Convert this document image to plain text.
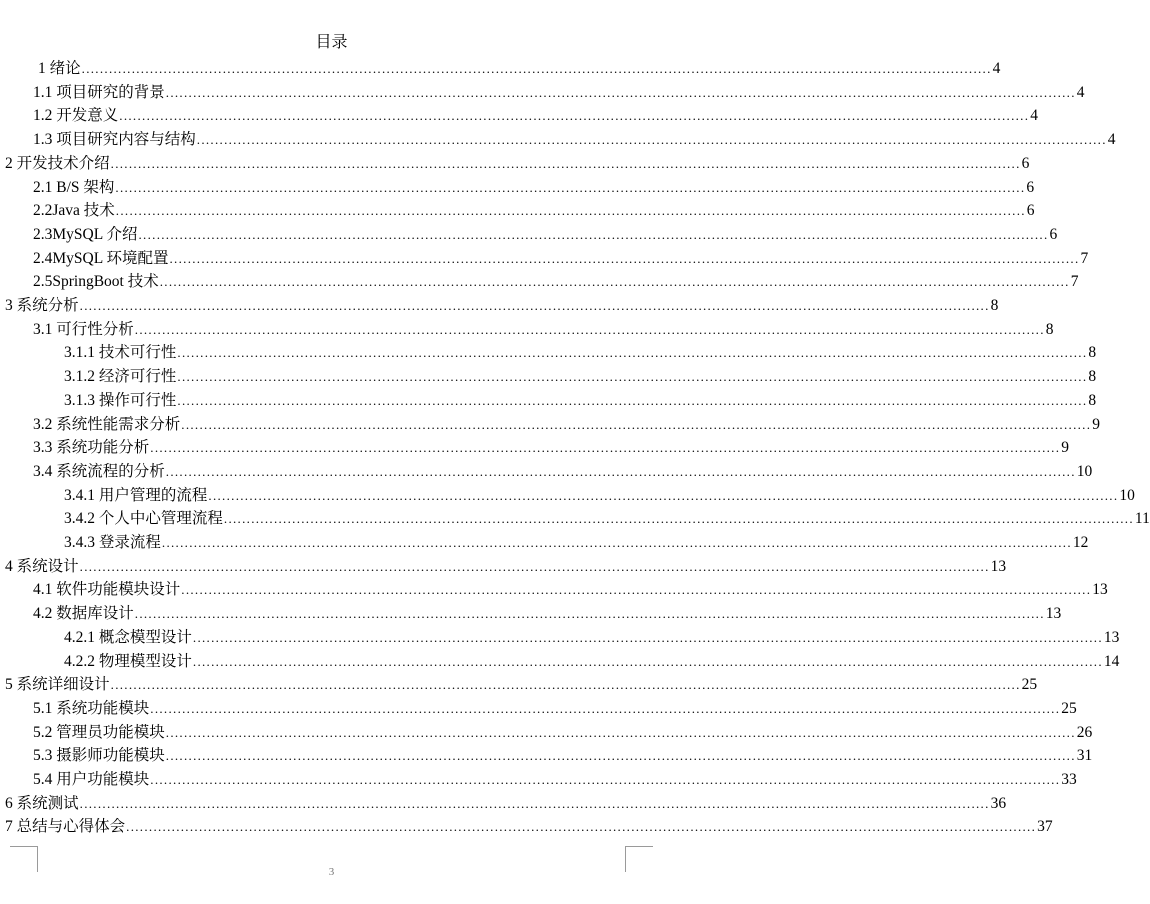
目录
1 绪论 ........................................................................................................................................................................................................ 4
1.1 项目研究的背景 ........................................................................................................................................................................................................ 4
1.2 开发意义 ........................................................................................................................................................................................................ 4
1.3 项目研究内容与结构 ........................................................................................................................................................................................................ 4
2 开发技术介绍 ........................................................................................................................................................................................................ 6
2.1 B/S 架构 ........................................................................................................................................................................................................ 6
2.2Java 技术 ........................................................................................................................................................................................................ 6
2.3MySQL 介绍 ........................................................................................................................................................................................................ 6
2.4MySQL 环境配置 ........................................................................................................................................................................................................ 7
2.5SpringBoot 技术 ........................................................................................................................................................................................................ 7
3 系统分析 ........................................................................................................................................................................................................ 8
3.1 可行性分析 ........................................................................................................................................................................................................ 8
3.1.1 技术可行性 ........................................................................................................................................................................................................ 8
3.1.2 经济可行性 ........................................................................................................................................................................................................ 8
3.1.3 操作可行性 ........................................................................................................................................................................................................ 8
3.2 系统性能需求分析 ........................................................................................................................................................................................................ 9
3.3 系统功能分析 ........................................................................................................................................................................................................ 9
3.4 系统流程的分析 ........................................................................................................................................................................................................ 10
3.4.1 用户管理的流程 ........................................................................................................................................................................................................ 10
3.4.2 个人中心管理流程 ........................................................................................................................................................................................................ 11
3.4.3 登录流程 ........................................................................................................................................................................................................ 12
4 系统设计 ........................................................................................................................................................................................................ 13
4.1 软件功能模块设计 ........................................................................................................................................................................................................ 13
4.2 数据库设计 ........................................................................................................................................................................................................ 13
4.2.1 概念模型设计 ........................................................................................................................................................................................................ 13
4.2.2 物理模型设计 ........................................................................................................................................................................................................ 14
5 系统详细设计 ........................................................................................................................................................................................................ 25
5.1 系统功能模块 ........................................................................................................................................................................................................ 25
5.2 管理员功能模块 ........................................................................................................................................................................................................ 26
5.3 摄影师功能模块 ........................................................................................................................................................................................................ 31
5.4 用户功能模块 ........................................................................................................................................................................................................ 33
6 系统测试 ........................................................................................................................................................................................................ 36
7 总结与心得体会 ........................................................................................................................................................................................................ 37
3
